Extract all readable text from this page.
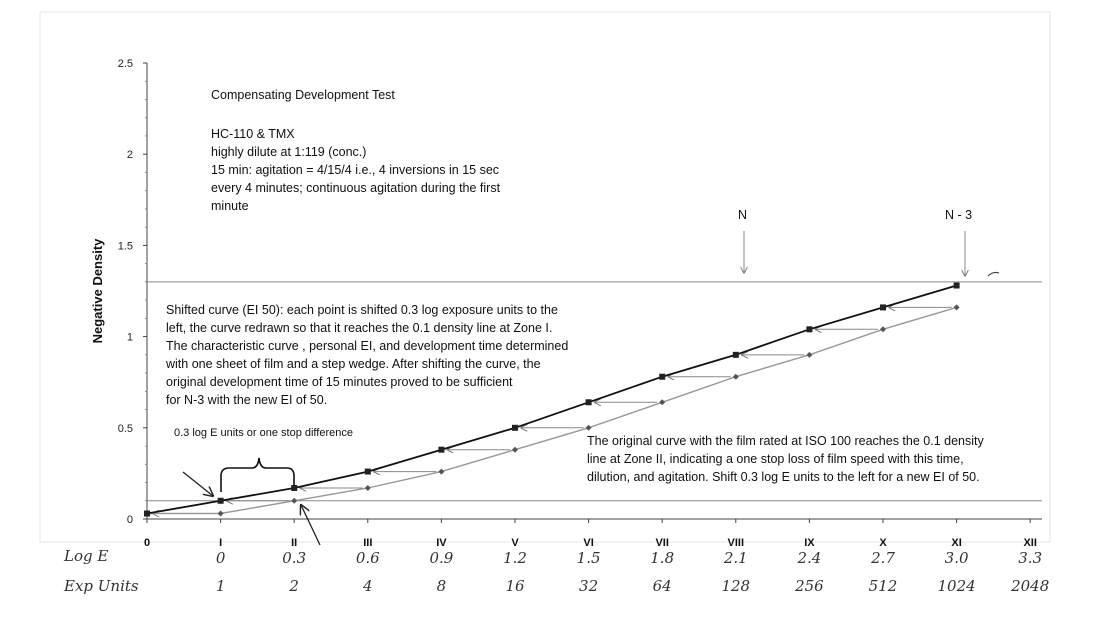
0
0.5
1
1.5
2
2.5
0	I	II	III	IV	V	VI	VII	VIII	IX	X	XI	XII
0	0.3	0.6	0.9	1.2	1.5	1.8	2.1	2.4	2.7	3.0	3.3
1	2	4	8	16	32	64	128	256	512	1024 2048
Negative Density
Log E
Exp Units
Compensating Development Test
HC-110 & TMX
highly dilute at 1:119 (conc.)
15 min: agitation = 4/15/4 i.e., 4 inversions in 15 sec
every 4 minutes; continuous agitation during the first
minute
Shifted curve (EI 50): each point is shifted 0.3 log exposure units to the
left, the curve redrawn so that it reaches the 0.1 density line at Zone I.
The characteristic curve , personal EI, and development time determined
with one sheet of film and a step wedge. After shifting the curve, the
original development time of 15 minutes proved to be sufficient
for N-3 with the new EI of 50.
The original curve with the film rated at ISO 100 reaches the 0.1 density
line at Zone II, indicating a one stop loss of film speed with this time,
dilution, and agitation. Shift 0.3 log E units to the left for a new EI of 50.
0.3 log E units or one stop difference
N	N - 3
